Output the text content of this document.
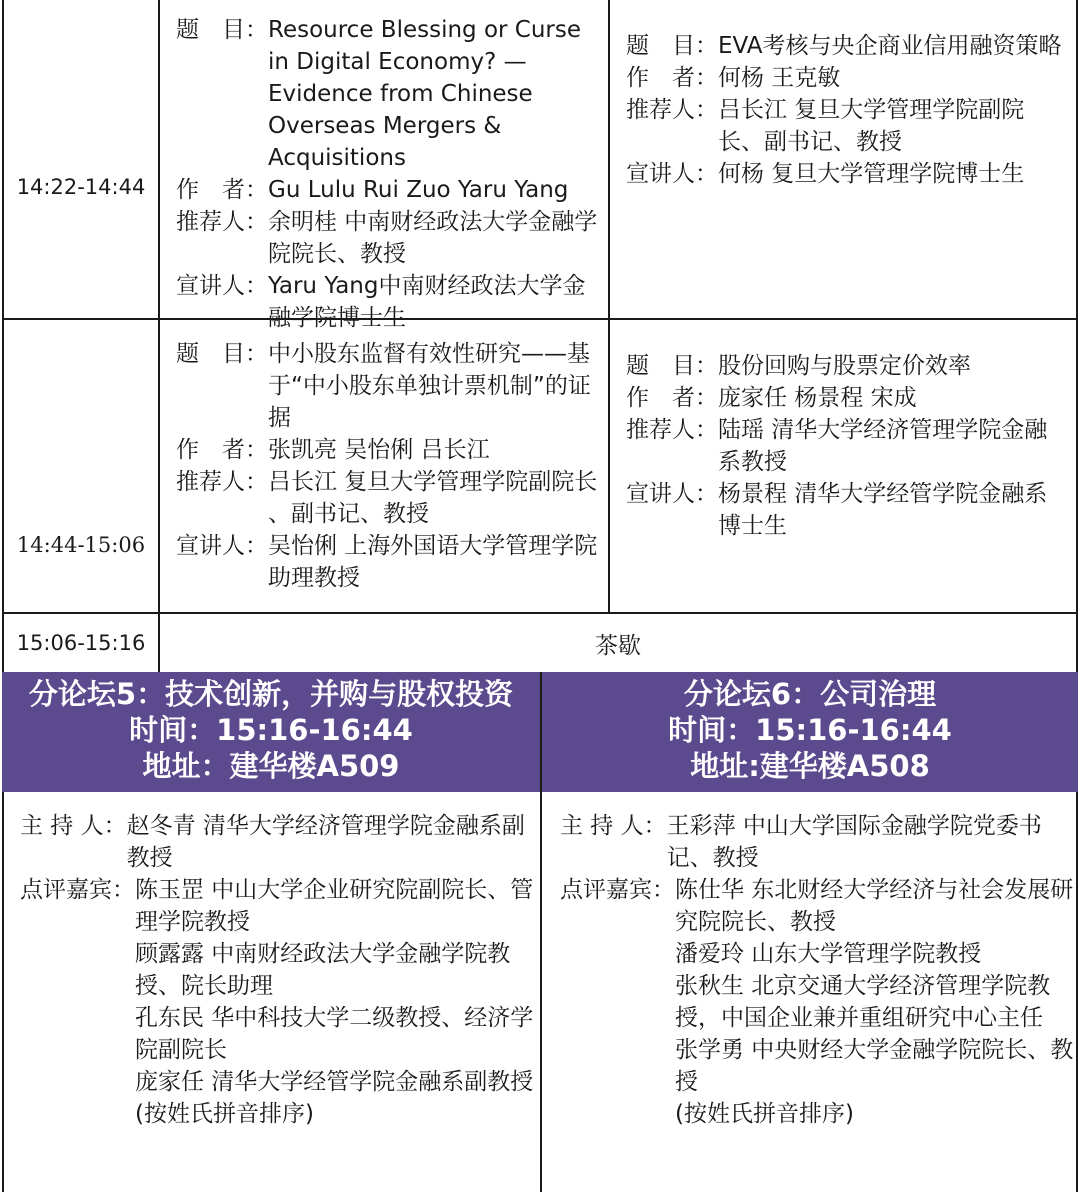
14:22-14:44
题　目： Resource Blessing or Curse in Digital Economy? —Evidence from Chinese Overseas Mergers & Acquisitions
作　者： Gu Lulu Rui Zuo Yaru Yang
推荐人： 余明桂 中南财经政法大学金融学院院长、教授
宣讲人： Yaru Yang中南财经政法大学金融学院博士生
题　目： EVA考核与央企商业信用融资策略
作　者： 何杨 王克敏
推荐人： 吕长江 复旦大学管理学院副院长、副书记、教授
宣讲人： 何杨 复旦大学管理学院博士生
14:44-15:06
题　目： 中小股东监督有效性研究——基于“中小股东单独计票机制”的证据
作　者： 张凯亮 吴怡俐 吕长江
推荐人： 吕长江 复旦大学管理学院副院长 、副书记、教授
宣讲人： 吴怡俐 上海外国语大学管理学院助理教授
题　目： 股份回购与股票定价效率
作　者： 庞家任 杨景程 宋成
推荐人： 陆瑶 清华大学经济管理学院金融系教授
宣讲人： 杨景程 清华大学经管学院金融系博士生
15:06-15:16	茶歇
分论坛5：技术创新，并购与股权投资
时间：15:16-16:44
地址：建华楼A509
分论坛6：公司治理
时间：15:16-16:44
地址:建华楼A508
主 持 人： 赵冬青 清华大学经济管理学院金融系副教授
点评嘉宾： 陈玉罡 中山大学企业研究院副院长、管理学院教授
顾露露 中南财经政法大学金融学院教授、院长助理
孔东民 华中科技大学二级教授、经济学院副院长
庞家任 清华大学经管学院金融系副教授
(按姓氏拼音排序)
主 持 人： 王彩萍 中山大学国际金融学院党委书记、教授
点评嘉宾： 陈仕华 东北财经大学经济与社会发展研究院院长、教授
潘爱玲 山东大学管理学院教授
张秋生 北京交通大学经济管理学院教授，中国企业兼并重组研究中心主任
张学勇 中央财经大学金融学院院长、教授
(按姓氏拼音排序)
